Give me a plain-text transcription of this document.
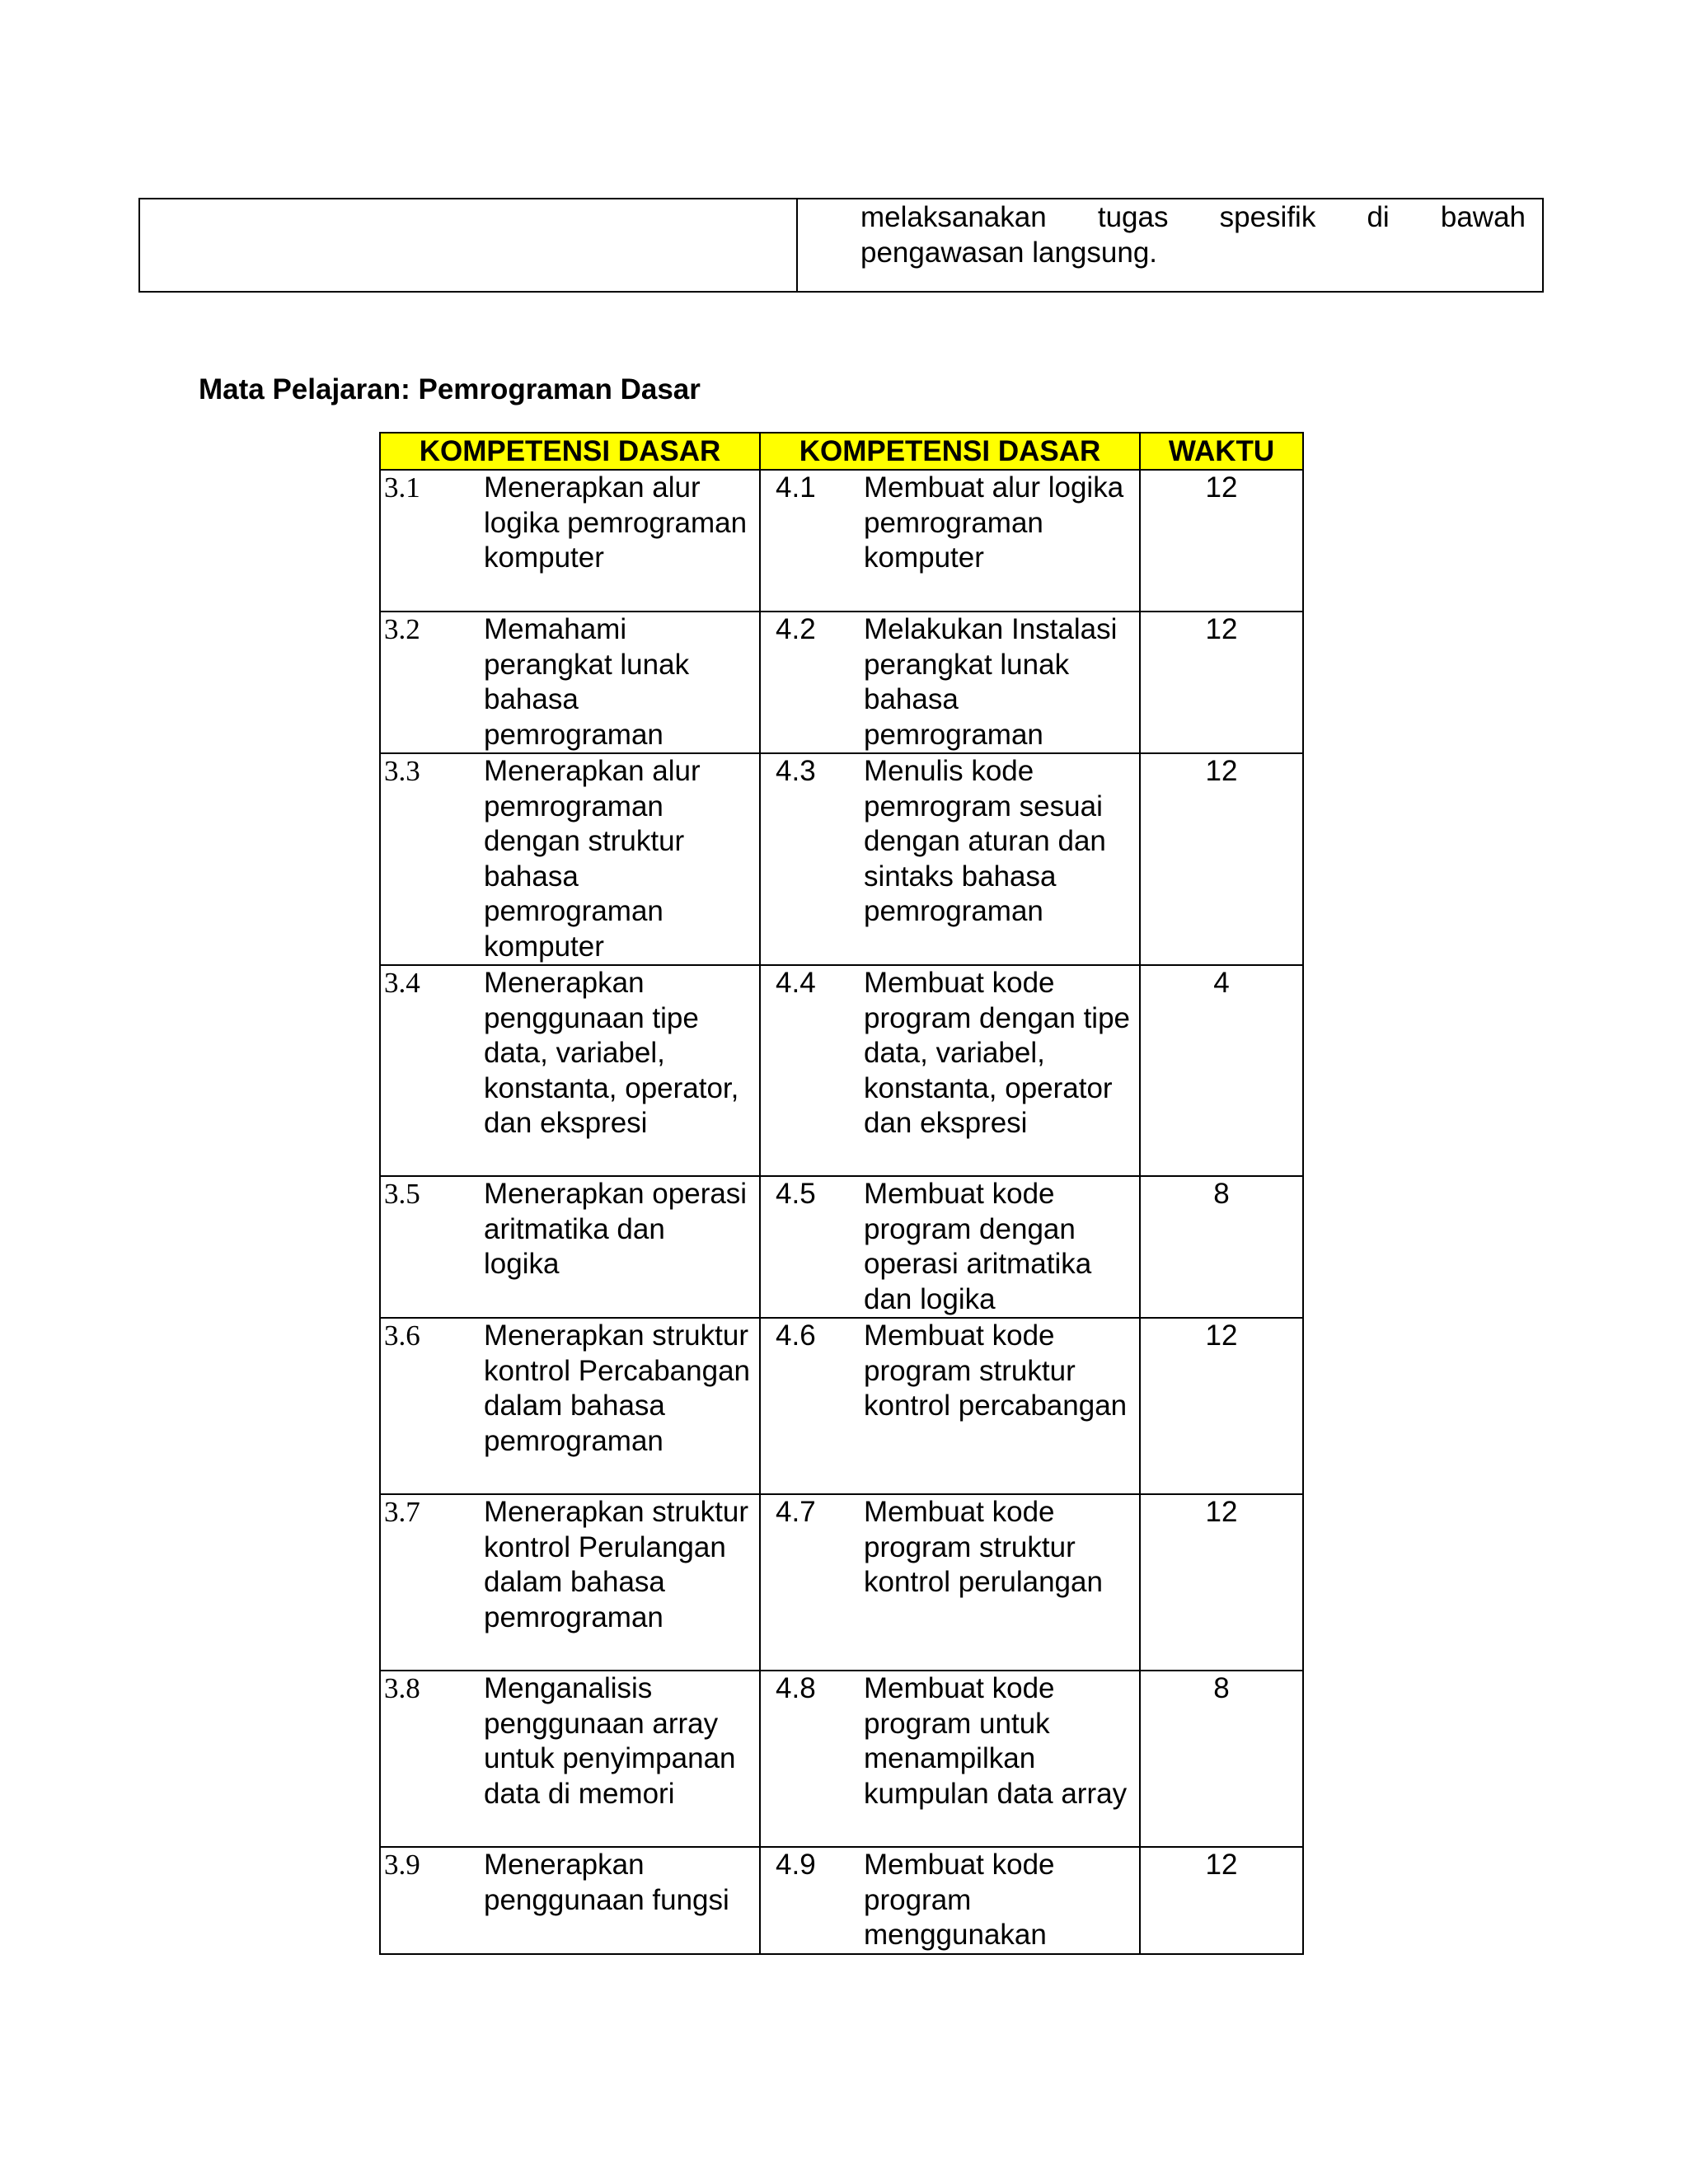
melaksanakan tugas spesifik di bawah
pengawasan langsung.
Mata Pelajaran: Pemrograman Dasar
KOMPETENSI DASAR	KOMPETENSI DASAR	WAKTU

3.1 Menerapkan alur logika pemrograman komputer	4.1 Membuat alur logika pemrograman komputer	12

3.2 Memahami perangkat lunak bahasa pemrograman	4.2 Melakukan Instalasi perangkat lunak bahasa pemrograman	12

3.3 Menerapkan alur pemrograman dengan struktur bahasa pemrograman komputer	4.3 Menulis kode pemrogram sesuai dengan aturan dan sintaks bahasa pemrograman	12

3.4 Menerapkan penggunaan tipe data, variabel, konstanta, operator, dan ekspresi	4.4 Membuat kode program dengan tipe data, variabel, konstanta, operator dan ekspresi	4

3.5 Menerapkan operasi aritmatika dan  logika	4.5 Membuat kode program dengan operasi aritmatika dan logika	8

3.6 Menerapkan struktur kontrol Percabangan dalam bahasa pemrograman	4.6 Membuat kode program struktur kontrol percabangan	12

3.7 Menerapkan struktur kontrol Perulangan dalam bahasa pemrograman	4.7 Membuat kode program struktur kontrol perulangan	12

3.8 Menganalisis penggunaan array untuk penyimpanan data di memori	4.8 Membuat kode program untuk menampilkan kumpulan data array	8

3.9 Menerapkan penggunaan fungsi	4.9 Membuat kode program menggunakan	12
